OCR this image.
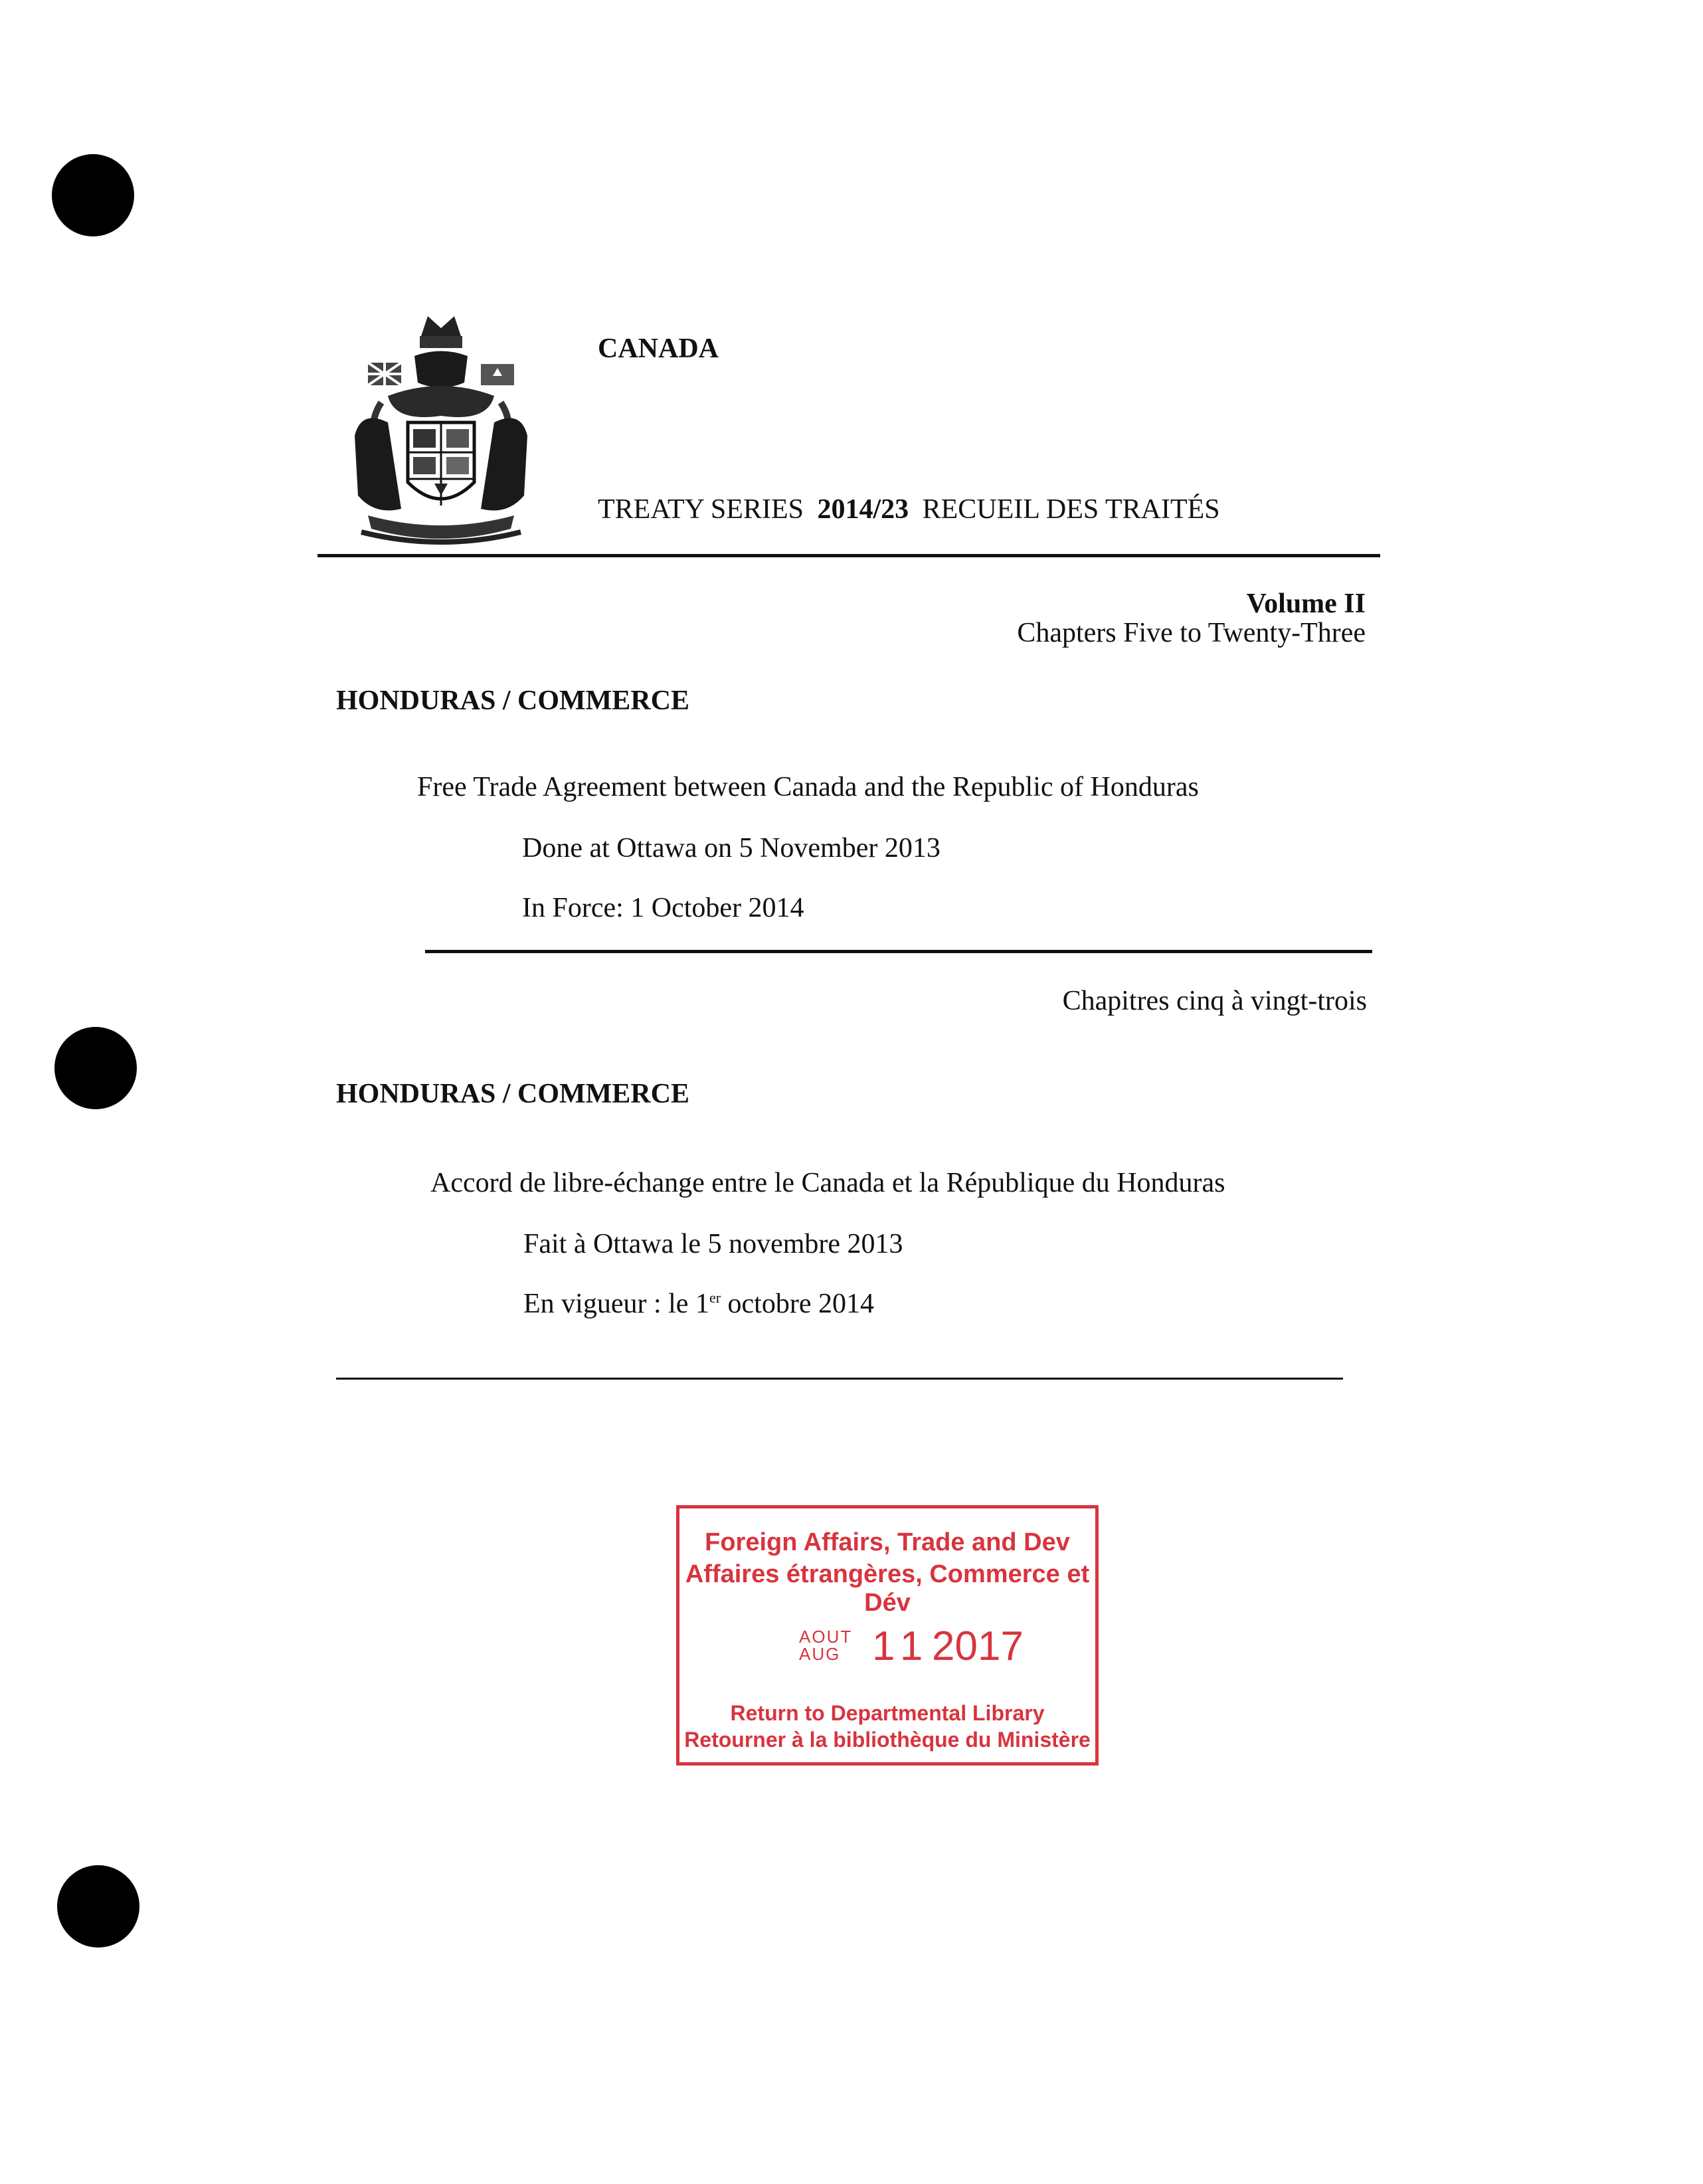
CANADA
TREATY SERIES 2014/23 RECUEIL DES TRAITÉS
Volume II
Chapters Five to Twenty-Three
HONDURAS / COMMERCE
Free Trade Agreement between Canada and the Republic of Honduras
Done at Ottawa on 5 November 2013
In Force: 1 October 2014
Chapitres cinq à vingt-trois
HONDURAS / COMMERCE
Accord de libre-échange entre le Canada et la République du Honduras
Fait à Ottawa le 5 novembre 2013
En vigueur : le 1er octobre 2014
Foreign Affairs, Trade and Dev
Affaires étrangères, Commerce et Dév
AOUT
AUG 11 2017
Return to Departmental Library
Retourner à la bibliothèque du Ministère
